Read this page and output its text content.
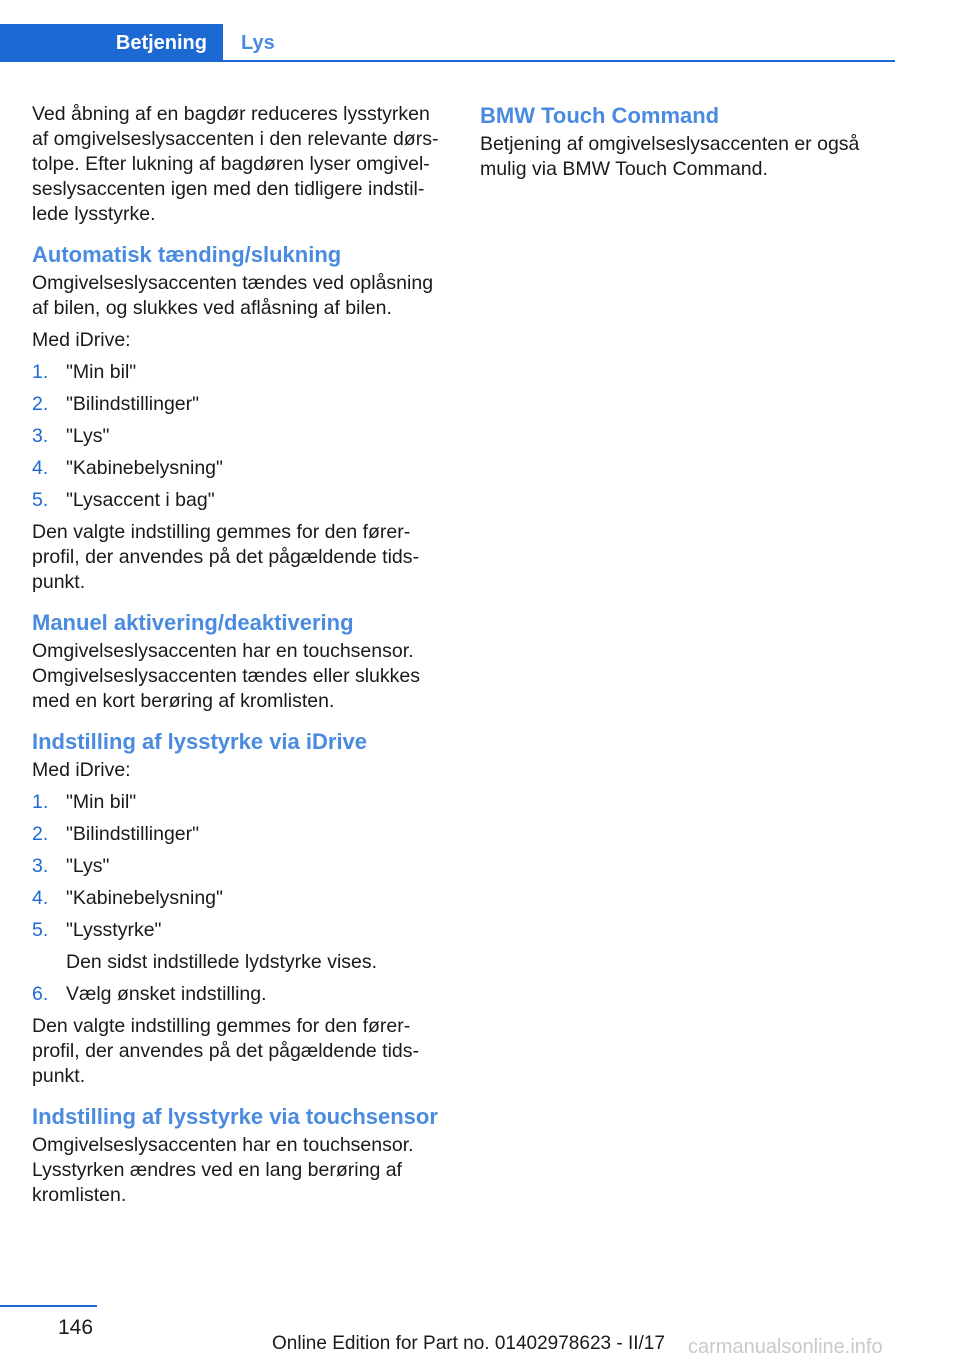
Betjening	Lys

Ved åbning af en bagdør reduceres lysstyrken af omgivelseslysaccenten i den relevante dørstolpe. Efter lukning af bagdøren lyser omgivelseslysaccenten igen med den tidligere indstillede lysstyrke.

Automatisk tænding/slukning

Omgivelseslysaccenten tændes ved oplåsning af bilen, og slukkes ved aflåsning af bilen.

Med iDrive:

1. "Min bil"
2. "Bilindstillinger"
3. "Lys"
4. "Kabinebelysning"
5. "Lysaccent i bag"

Den valgte indstilling gemmes for den førerprofil, der anvendes på det pågældende tidspunkt.

Manuel aktivering/deaktivering

Omgivelseslysaccenten har en touchsensor. Omgivelseslysaccenten tændes eller slukkes med en kort berøring af kromlisten.

Indstilling af lysstyrke via iDrive

Med iDrive:

1. "Min bil"
2. "Bilindstillinger"
3. "Lys"
4. "Kabinebelysning"
5. "Lysstyrke"
Den sidst indstillede lydstyrke vises.
6. Vælg ønsket indstilling.

Den valgte indstilling gemmes for den førerprofil, der anvendes på det pågældende tidspunkt.

Indstilling af lysstyrke via touchsensor

Omgivelseslysaccenten har en touchsensor. Lysstyrken ændres ved en lang berøring af kromlisten.

BMW Touch Command

Betjening af omgivelseslysaccenten er også mulig via BMW Touch Command.

146
Online Edition for Part no. 01402978623 - II/17 carmanualsonline.info
